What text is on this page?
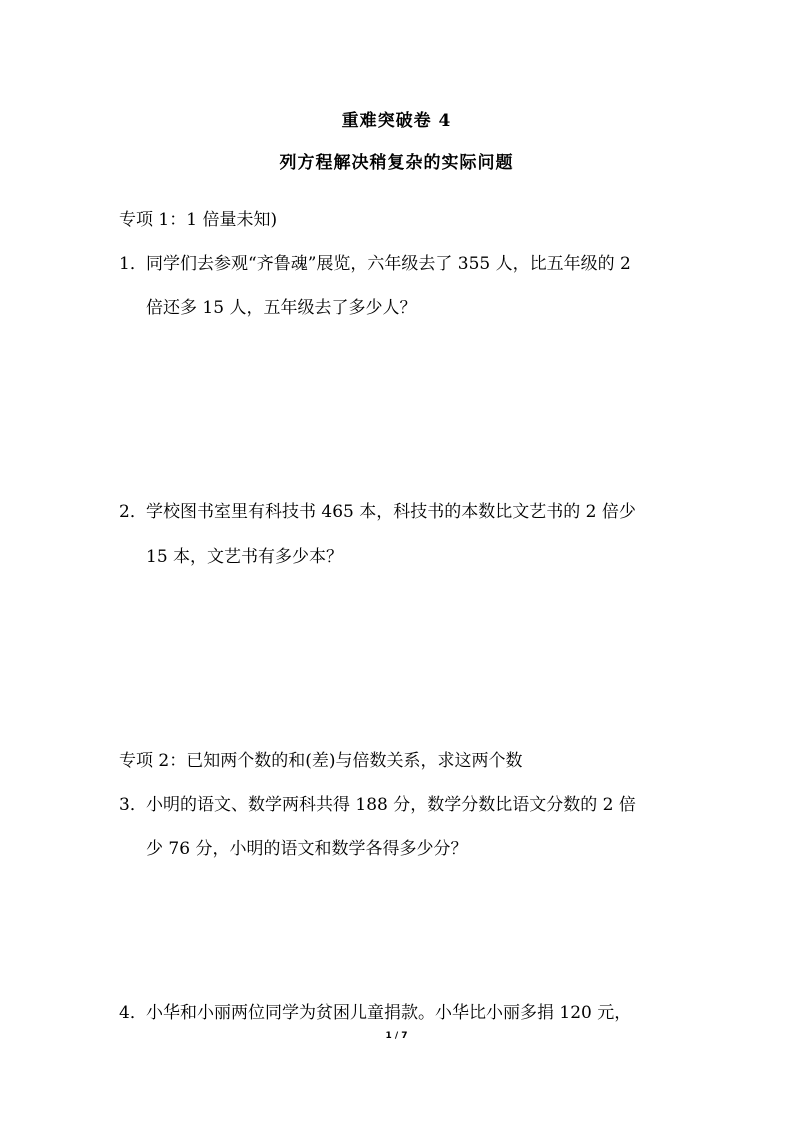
重难突破卷 4
列方程解决稍复杂的实际问题
专项 1：1 倍量未知)
1．同学们去参观“齐鲁魂”展览，六年级去了 355 人，比五年级的 2
倍还多 15 人，五年级去了多少人？
2．学校图书室里有科技书 465 本，科技书的本数比文艺书的 2 倍少
15 本，文艺书有多少本？
专项 2：已知两个数的和(差)与倍数关系，求这两个数
3．小明的语文、数学两科共得 188 分，数学分数比语文分数的 2 倍
少 76 分，小明的语文和数学各得多少分？
4．小华和小丽两位同学为贫困儿童捐款。小华比小丽多捐 120 元，
1 / 7
